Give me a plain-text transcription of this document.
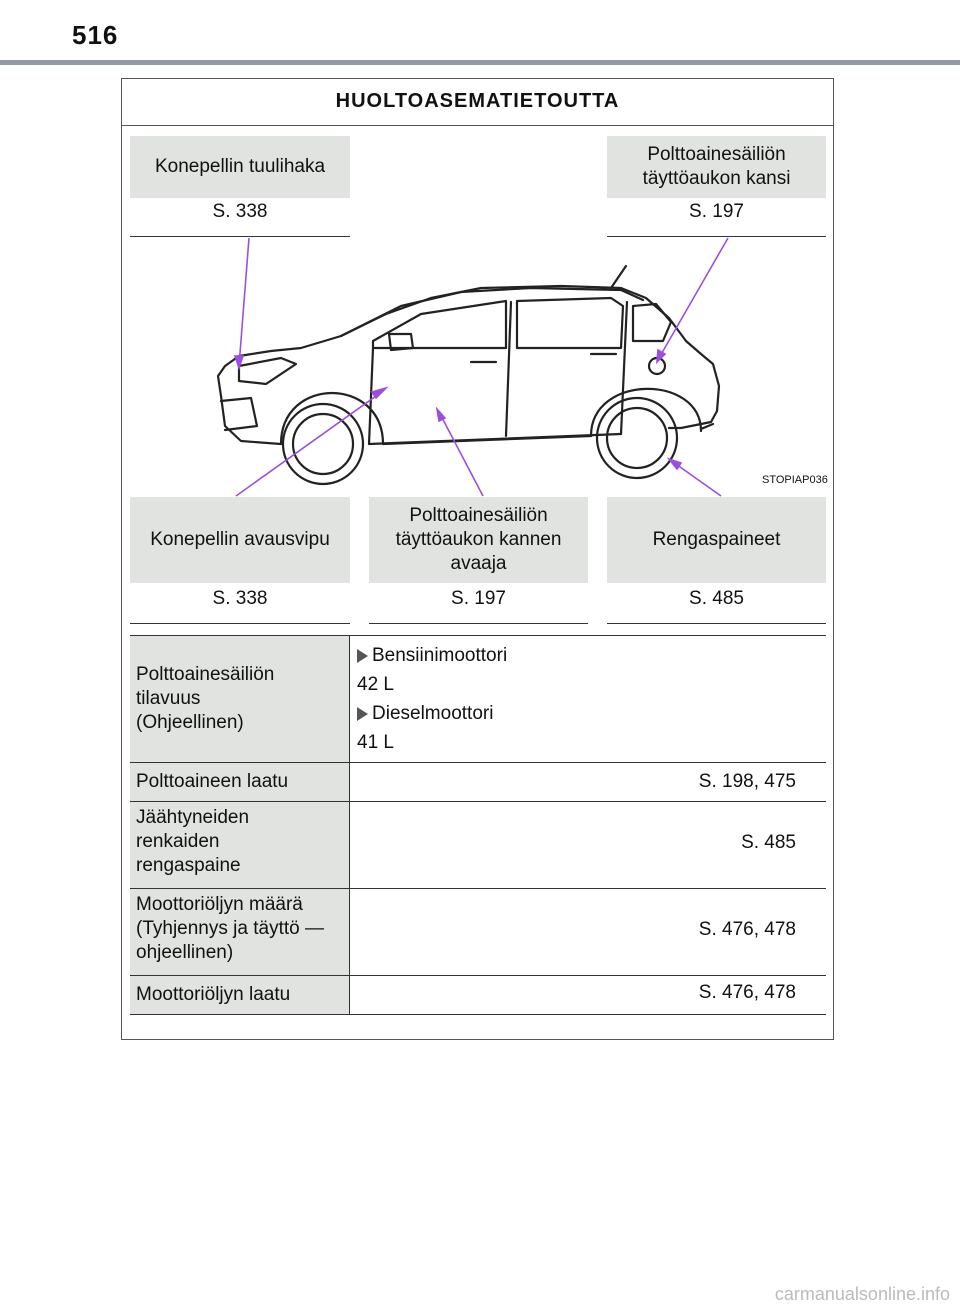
516
HUOLTOASEMATIETOUTTA
Konepellin tuulihaka
S. 338
Polttoainesäiliön täyttöaukon kansi
S. 197
STOPIAP036
Konepellin avausvipu
S. 338
Polttoainesäiliön täyttöaukon kannen avaaja
S. 197
Rengaspaineet
S. 485
Polttoainesäiliön tilavuus (Ohjeellinen)
Bensiinimoottori
42 L
Dieselmoottori
41 L
Polttoaineen laatu	S. 198, 475
Jäähtyneiden renkaiden rengaspaine
S. 485
Moottoriöljyn määrä (Tyhjennys ja täyttö — ohjeellinen)
S. 476, 478
Moottoriöljyn laatu	S. 476, 478
carmanualsonline.info
